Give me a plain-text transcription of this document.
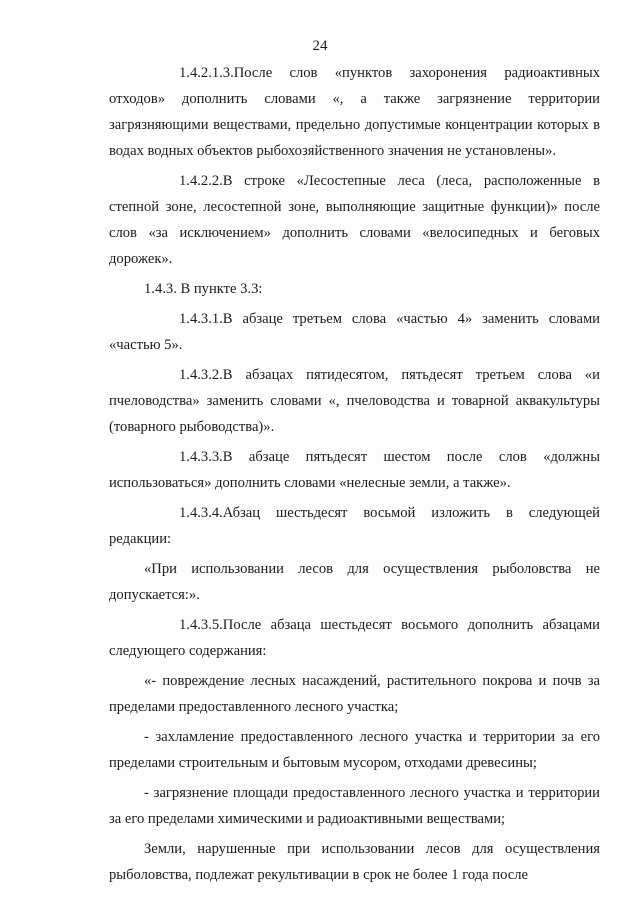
24

1.4.2.1.3.После слов «пунктов захоронения радиоактивных отходов» дополнить словами «, а также загрязнение территории загрязняющими веществами, предельно допустимые концентрации которых в водах водных объектов рыбохозяйственного значения не установлены».

1.4.2.2.В строке «Лесостепные леса (леса, расположенные в степной зоне, лесостепной зоне, выполняющие защитные функции)» после слов «за исключением» дополнить словами «велосипедных и беговых дорожек».

1.4.3. В пункте 3.3:

1.4.3.1.В абзаце третьем слова «частью 4» заменить словами «частью 5».

1.4.3.2.В абзацах пятидесятом, пятьдесят третьем слова «и пчеловодства» заменить словами «, пчеловодства и товарной аквакультуры (товарного рыбоводства)».

1.4.3.3.В абзаце пятьдесят шестом после слов «должны использоваться» дополнить словами «нелесные земли, а также».

1.4.3.4.Абзац шестьдесят восьмой изложить в следующей редакции:

«При использовании лесов для осуществления рыболовства не допускается:».

1.4.3.5.После абзаца шестьдесят восьмого дополнить абзацами следующего содержания:

«- повреждение лесных насаждений, растительного покрова и почв за пределами предоставленного лесного участка;

- захламление предоставленного лесного участка и территории за его пределами строительным и бытовым мусором, отходами древесины;

- загрязнение площади предоставленного лесного участка и территории за его пределами химическими и радиоактивными веществами;

Земли, нарушенные при использовании лесов для осуществления рыболовства, подлежат рекультивации в срок не более 1 года после
